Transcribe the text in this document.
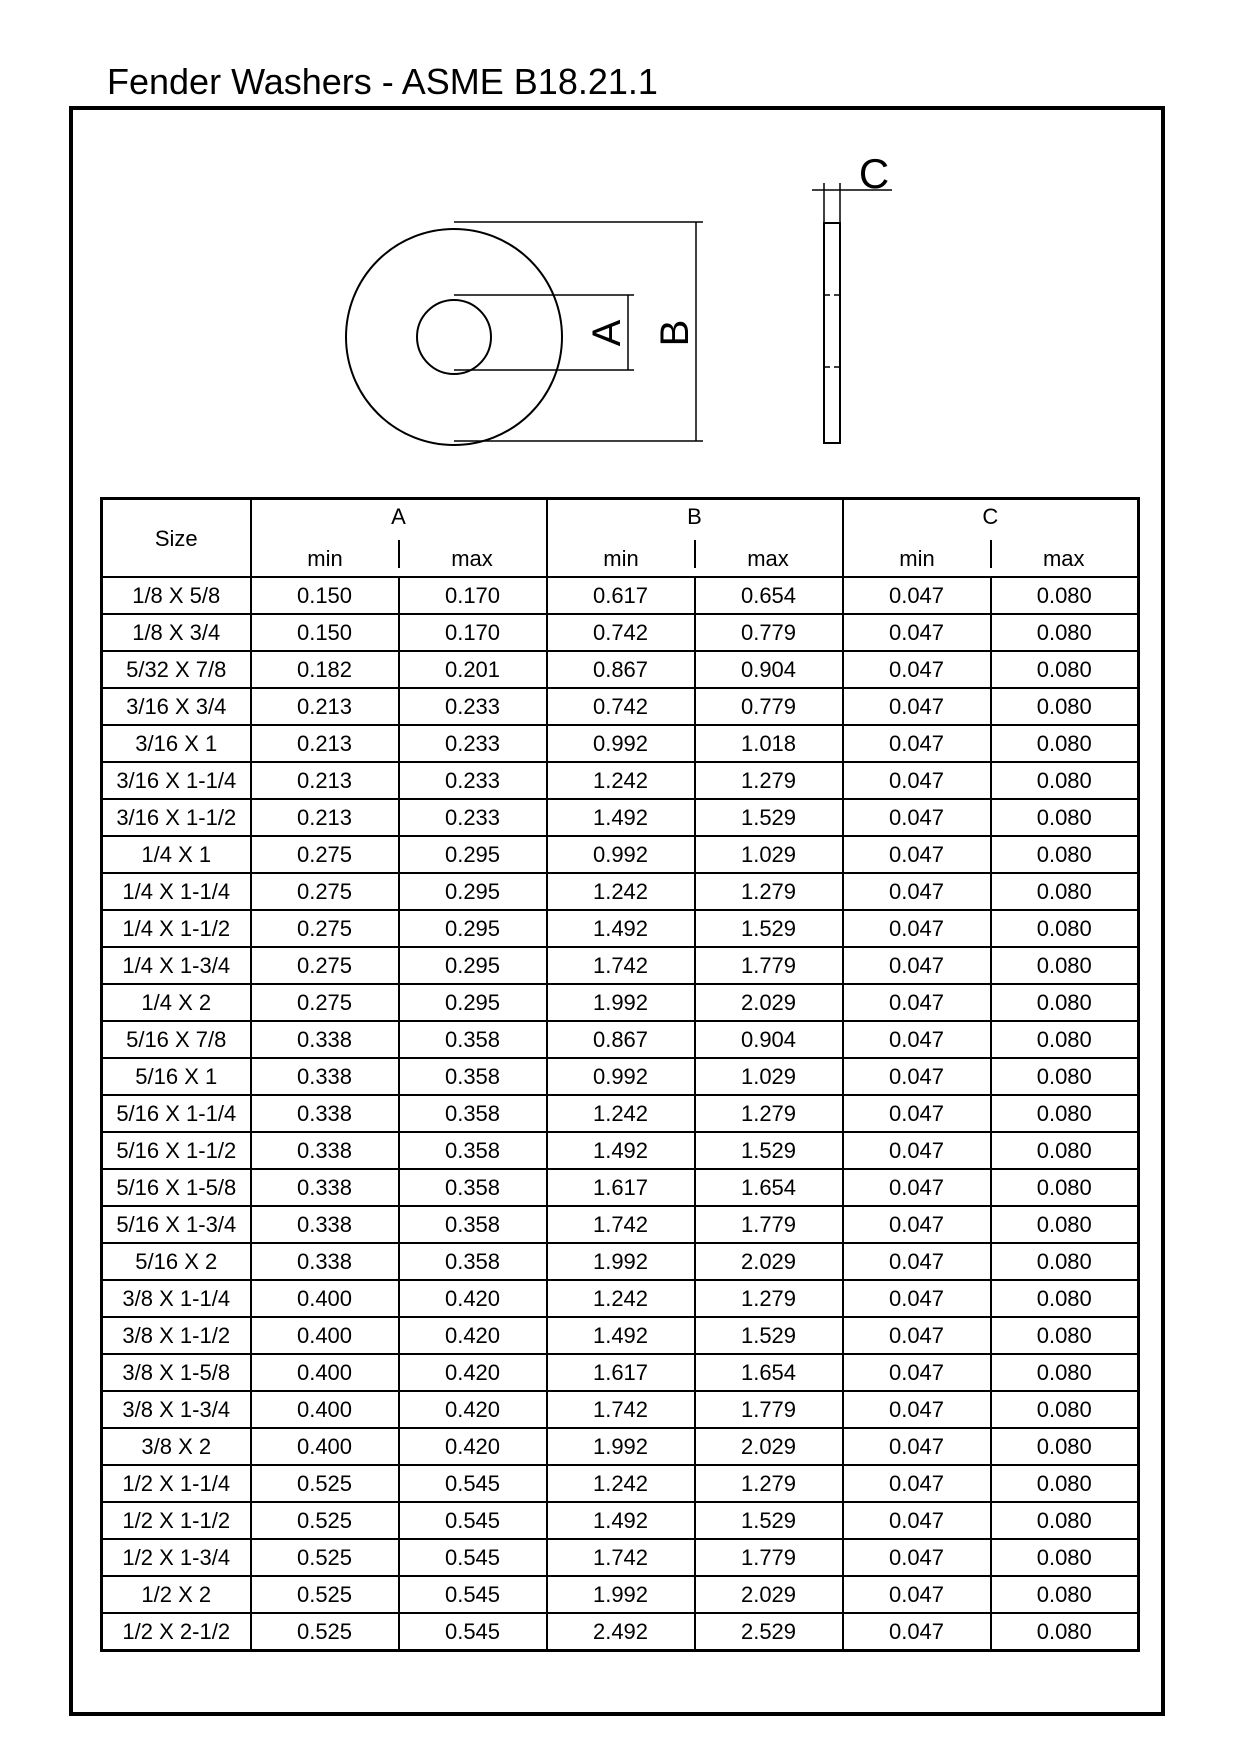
Fender Washers - ASME B18.21.1
A B
C
Size	A		B		C	
	min	max	min	max	min	max
1/8 X 5/8	0.150	0.170	0.617	0.654	0.047	0.080
1/8 X 3/4	0.150	0.170	0.742	0.779	0.047	0.080
5/32 X 7/8	0.182	0.201	0.867	0.904	0.047	0.080
3/16 X 3/4	0.213	0.233	0.742	0.779	0.047	0.080
3/16 X 1	0.213	0.233	0.992	1.018	0.047	0.080
3/16 X 1-1/4	0.213	0.233	1.242	1.279	0.047	0.080
3/16 X 1-1/2	0.213	0.233	1.492	1.529	0.047	0.080
1/4 X 1	0.275	0.295	0.992	1.029	0.047	0.080
1/4 X 1-1/4	0.275	0.295	1.242	1.279	0.047	0.080
1/4 X 1-1/2	0.275	0.295	1.492	1.529	0.047	0.080
1/4 X 1-3/4	0.275	0.295	1.742	1.779	0.047	0.080
1/4 X 2	0.275	0.295	1.992	2.029	0.047	0.080
5/16 X 7/8	0.338	0.358	0.867	0.904	0.047	0.080
5/16 X 1	0.338	0.358	0.992	1.029	0.047	0.080
5/16 X 1-1/4	0.338	0.358	1.242	1.279	0.047	0.080
5/16 X 1-1/2	0.338	0.358	1.492	1.529	0.047	0.080
5/16 X 1-5/8	0.338	0.358	1.617	1.654	0.047	0.080
5/16 X 1-3/4	0.338	0.358	1.742	1.779	0.047	0.080
5/16 X 2	0.338	0.358	1.992	2.029	0.047	0.080
3/8 X 1-1/4	0.400	0.420	1.242	1.279	0.047	0.080
3/8 X 1-1/2	0.400	0.420	1.492	1.529	0.047	0.080
3/8 X 1-5/8	0.400	0.420	1.617	1.654	0.047	0.080
3/8 X 1-3/4	0.400	0.420	1.742	1.779	0.047	0.080
3/8 X 2	0.400	0.420	1.992	2.029	0.047	0.080
1/2 X 1-1/4	0.525	0.545	1.242	1.279	0.047	0.080
1/2 X 1-1/2	0.525	0.545	1.492	1.529	0.047	0.080
1/2 X 1-3/4	0.525	0.545	1.742	1.779	0.047	0.080
1/2 X 2	0.525	0.545	1.992	2.029	0.047	0.080
1/2 X 2-1/2	0.525	0.545	2.492	2.529	0.047	0.080
